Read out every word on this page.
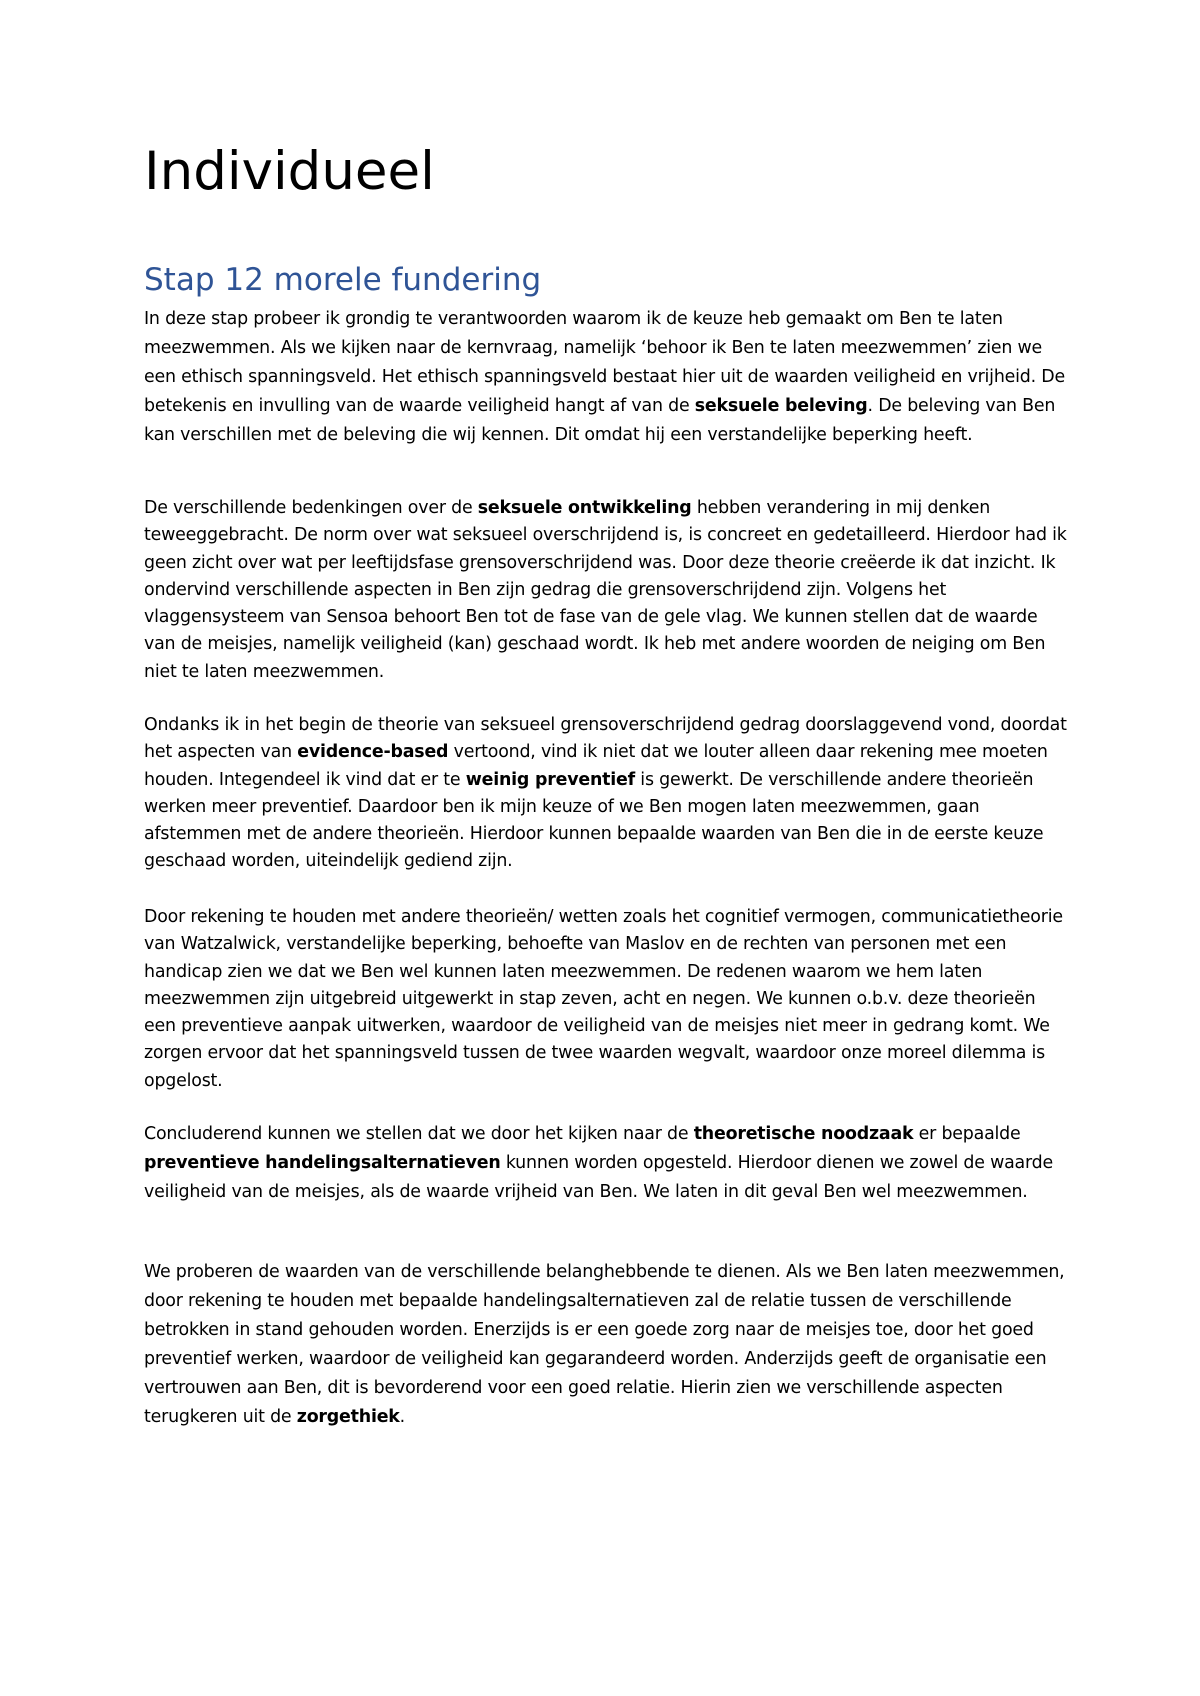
Individueel
Stap 12 morele fundering

In deze stap probeer ik grondig te verantwoorden waarom ik de keuze heb gemaakt om Ben te laten meezwemmen. Als we kijken naar de kernvraag, namelijk ‘behoor ik Ben te laten meezwemmen’ zien we een ethisch spanningsveld. Het ethisch spanningsveld bestaat hier uit de waarden veiligheid en vrijheid. De betekenis en invulling van de waarde veiligheid hangt af van de seksuele beleving. De beleving van Ben kan verschillen met de beleving die wij kennen. Dit omdat hij een verstandelijke beperking heeft.

De verschillende bedenkingen over de seksuele ontwikkeling hebben verandering in mij denken teweeggebracht. De norm over wat seksueel overschrijdend is, is concreet en gedetailleerd. Hierdoor had ik geen zicht over wat per leeftijdsfase grensoverschrijdend was. Door deze theorie creëerde ik dat inzicht. Ik ondervind verschillende aspecten in Ben zijn gedrag die grensoverschrijdend zijn. Volgens het vlaggensysteem van Sensoa behoort Ben tot de fase van de gele vlag. We kunnen stellen dat de waarde van de meisjes, namelijk veiligheid (kan) geschaad wordt. Ik heb met andere woorden de neiging om Ben niet te laten meezwemmen.

Ondanks ik in het begin de theorie van seksueel grensoverschrijdend gedrag doorslaggevend vond, doordat het aspecten van evidence-based vertoond, vind ik niet dat we louter alleen daar rekening mee moeten houden. Integendeel ik vind dat er te weinig preventief is gewerkt. De verschillende andere theorieën werken meer preventief. Daardoor ben ik mijn keuze of we Ben mogen laten meezwemmen, gaan afstemmen met de andere theorieën. Hierdoor kunnen bepaalde waarden van Ben die in de eerste keuze geschaad worden, uiteindelijk gediend zijn.

Door rekening te houden met andere theorieën/ wetten zoals het cognitief vermogen, communicatietheorie van Watzalwick, verstandelijke beperking, behoefte van Maslov en de rechten van personen met een handicap zien we dat we Ben wel kunnen laten meezwemmen. De redenen waarom we hem laten meezwemmen zijn uitgebreid uitgewerkt in stap zeven, acht en negen. We kunnen o.b.v. deze theorieën een preventieve aanpak uitwerken, waardoor de veiligheid van de meisjes niet meer in gedrang komt. We zorgen ervoor dat het spanningsveld tussen de twee waarden wegvalt, waardoor onze moreel dilemma is opgelost.

Concluderend kunnen we stellen dat we door het kijken naar de theoretische noodzaak er bepaalde preventieve handelingsalternatieven kunnen worden opgesteld. Hierdoor dienen we zowel de waarde veiligheid van de meisjes, als de waarde vrijheid van Ben. We laten in dit geval Ben wel meezwemmen.

We proberen de waarden van de verschillende belanghebbende te dienen. Als we Ben laten meezwemmen, door rekening te houden met bepaalde handelingsalternatieven zal de relatie tussen de verschillende betrokken in stand gehouden worden. Enerzijds is er een goede zorg naar de meisjes toe, door het goed preventief werken, waardoor de veiligheid kan gegarandeerd worden. Anderzijds geeft de organisatie een vertrouwen aan Ben, dit is bevorderend voor een goed relatie. Hierin zien we verschillende aspecten terugkeren uit de zorgethiek.
